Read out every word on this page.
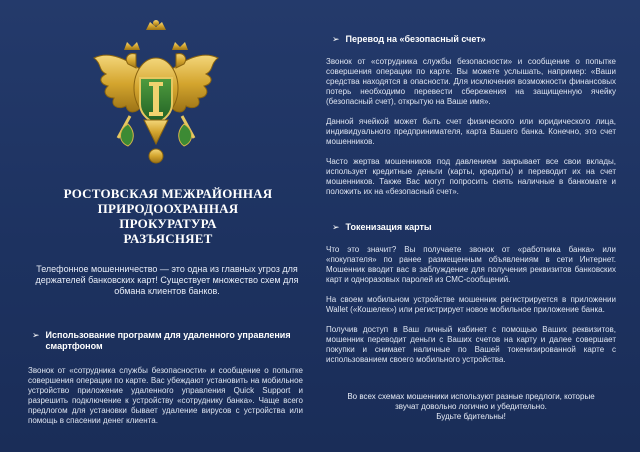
РОСТОВСКАЯ МЕЖРАЙОННАЯ
ПРИРОДООХРАННАЯ ПРОКУРАТУРА
РАЗЪЯСНЯЕТ
Телефонное мошенничество — это одна из главных угроз для держателей банковских карт! Существует множество схем для обмана клиентов банков.
➢ Использование программ для удаленного управления смартфоном

Звонок от «сотрудника службы безопасности» и сообщение о попытке совершения операции по карте. Вас убеждают установить на мобильное устройство приложение удаленного управления Quick Support и разрешить подключение к устройству «сотруднику банка». Чаще всего предлогом для установки бывает удаление вирусов с устройства или помощь в спасении денег клиента.

➢ Перевод на «безопасный счет»

Звонок от «сотрудника службы безопасности» и сообщение о попытке совершения операции по карте. Вы можете услышать, например: «Ваши средства находятся в опасности. Для исключения возможности финансовых потерь необходимо перевести сбережения на защищенную ячейку (безопасный счет), открытую на Ваше имя».

Данной ячейкой может быть счет физического или юридического лица, индивидуального предпринимателя, карта Вашего банка. Конечно, это счет мошенников.

Часто жертва мошенников под давлением закрывает все свои вклады, использует кредитные деньги (карты, кредиты) и переводит их на счет мошенников. Также Вас могут попросить снять наличные в банкомате и положить их на «безопасный счет».

➢ Токенизация карты

Что это значит? Вы получаете звонок от «работника банка» или «покупателя» по ранее размещенным объявлениям в сети Интернет. Мошенник вводит вас в заблуждение для получения реквизитов банковских карт и одноразовых паролей из СМС-сообщений.

На своем мобильном устройстве мошенник регистрируется в приложении Wallet («Кошелек») или регистрирует новое мобильное приложение банка.

Получив доступ в Ваш личный кабинет с помощью Ваших реквизитов, мошенник переводит деньги с Ваших счетов на карту и далее совершает покупки и снимает наличные по Вашей токенизированной карте с использованием своего мобильного устройства.

Во всех схемах мошенники используют разные предлоги, которые
звучат довольно логично и убедительно.
Будьте бдительны!
